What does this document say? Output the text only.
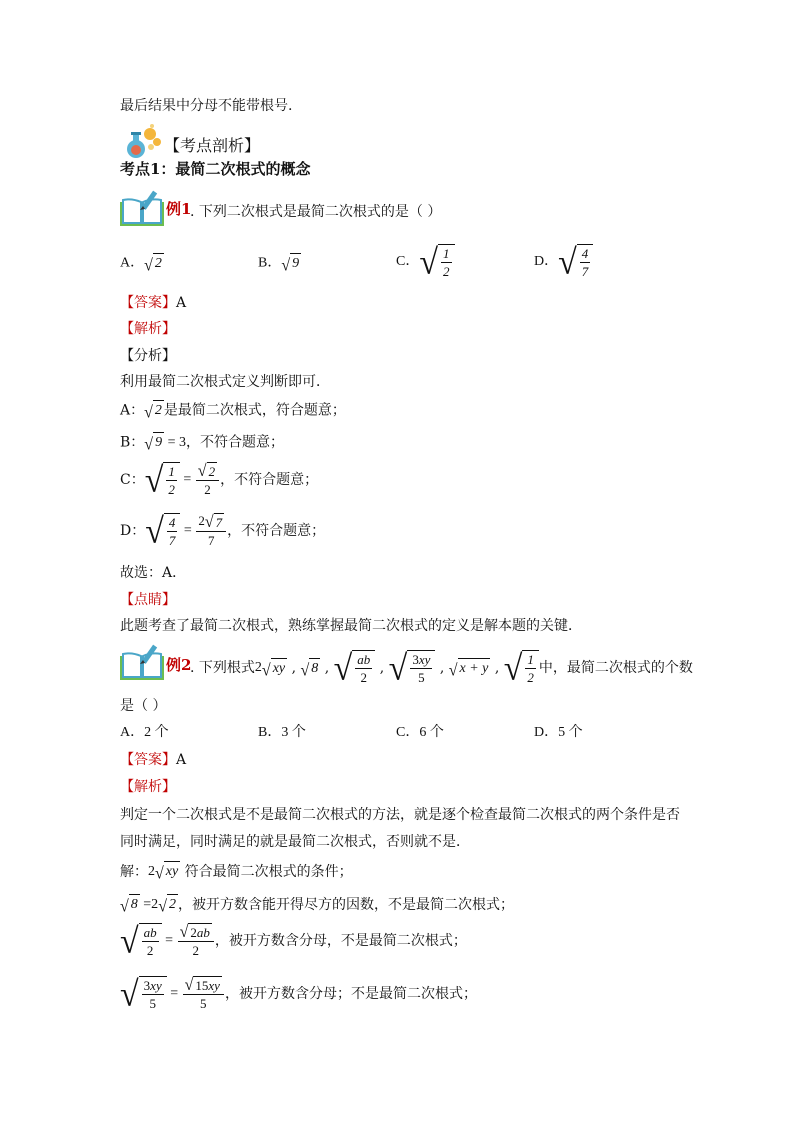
最后结果中分母不能带根号.
【考点剖析】
考点1：最简二次根式的概念
例1
. 下列二次根式是最简二次根式的是（ ）
A． √ 2	B． √ 9	C． √ $\frac{1}{2}$	D． √ $\frac{4}{7}$
【答案】A
【解析】
【分析】
利用最简二次根式定义判断即可．
A： √ 2 是最简二次根式，符合题意；
B： √ 9 = 3，不符合题意；
C： √ $\frac{1}{2} = \frac{√ 2}{2}$ ，不符合题意；
D： √ $\frac{4}{7} = \frac{2 √ 7}{7}$ ，不符合题意；
故选：A．
【点睛】
此题考查了最简二次根式，熟练掌握最简二次根式的定义是解本题的关键．
例2
. 下列根式 2 √ xy , √ 8 , √ $\frac{ab}{2}$ , √ $\frac{3xy}{5}$ , √ x + y , √ $\frac{1}{2}$ 中，最简二次根式的个数
是（ ）
A．2 个	B．3 个	C．6 个	D．5 个
【答案】A
【解析】
判定一个二次根式是不是最简二次根式的方法，就是逐个检查最简二次根式的两个条件是否
同时满足，同时满足的就是最简二次根式，否则就不是．
解： 2 √ xy
符合最简二次根式的条件；
√ 8 =2 √ 2 ，被开方数含能开得尽方的因数，不是最简二次根式；
√ $\frac{ab}{2} = \frac{√ 2 ab}{2}$ ，被开方数含分母，不是最简二次根式；
√ $\frac{3xy}{5} = \frac{√ 15 xy}{5}$ ，被开方数含分母；不是最简二次根式；
